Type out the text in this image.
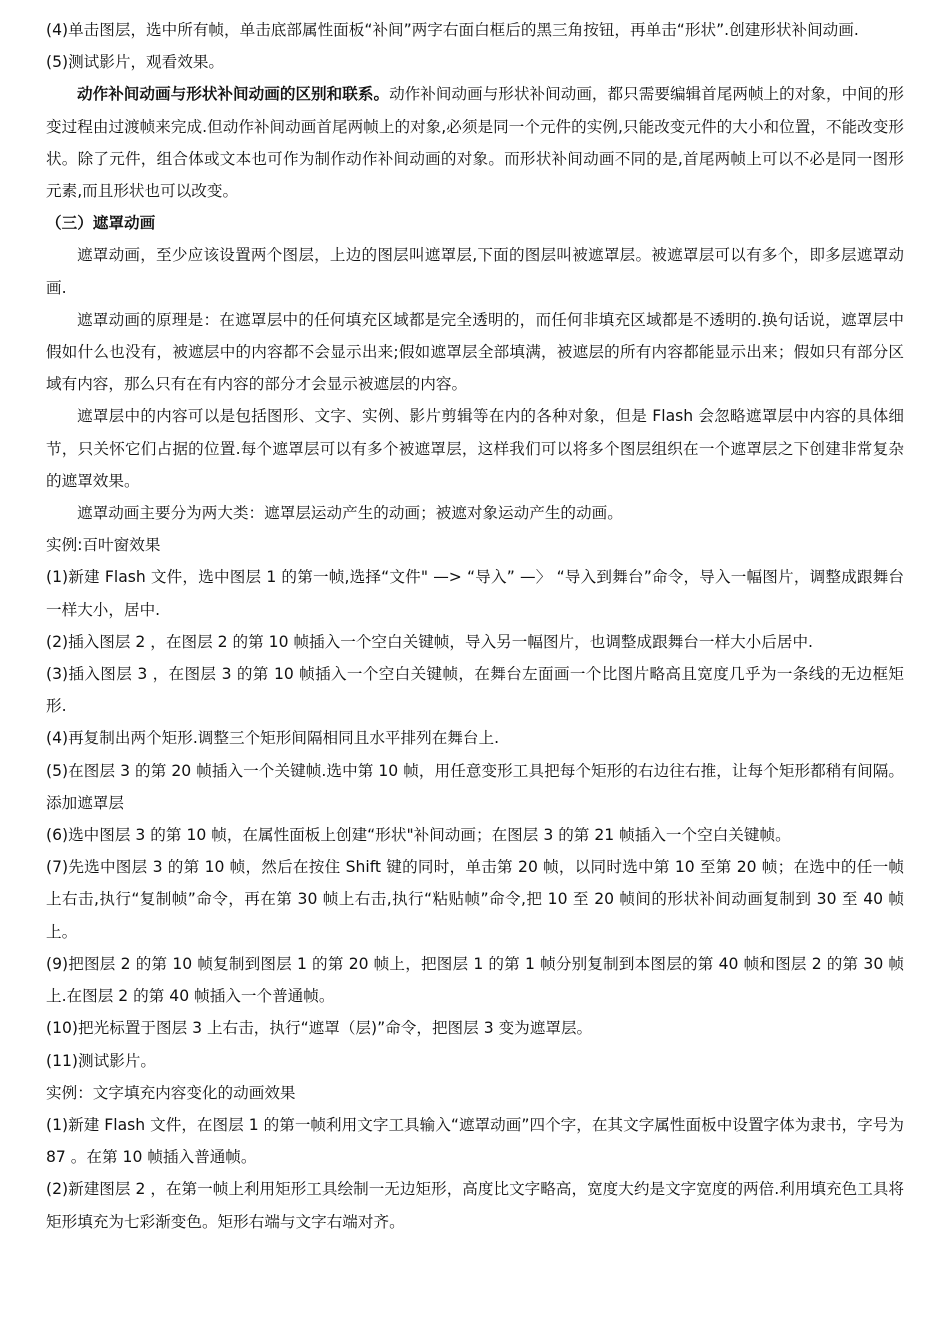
(4)单击图层，选中所有帧，单击底部属性面板“补间”两字右面白框后的黑三角按钮，再单击“形状”.创建形状补间动画.

(5)测试影片，观看效果。

动作补间动画与形状补间动画的区别和联系。动作补间动画与形状补间动画，都只需要编辑首尾两帧上的对象，中间的形变过程由过渡帧来完成.但动作补间动画首尾两帧上的对象,必须是同一个元件的实例,只能改变元件的大小和位置，不能改变形状。除了元件，组合体或文本也可作为制作动作补间动画的对象。而形状补间动画不同的是,首尾两帧上可以不必是同一图形元素,而且形状也可以改变。

（三）遮罩动画

遮罩动画，至少应该设置两个图层，上边的图层叫遮罩层,下面的图层叫被遮罩层。被遮罩层可以有多个，即多层遮罩动画.

遮罩动画的原理是：在遮罩层中的任何填充区域都是完全透明的，而任何非填充区域都是不透明的.换句话说，遮罩层中假如什么也没有，被遮层中的内容都不会显示出来;假如遮罩层全部填满，被遮层的所有内容都能显示出来；假如只有部分区域有内容，那么只有在有内容的部分才会显示被遮层的内容。

遮罩层中的内容可以是包括图形、文字、实例、影片剪辑等在内的各种对象，但是 Flash 会忽略遮罩层中内容的具体细节，只关怀它们占据的位置.每个遮罩层可以有多个被遮罩层，这样我们可以将多个图层组织在一个遮罩层之下创建非常复杂的遮罩效果。

遮罩动画主要分为两大类：遮罩层运动产生的动画；被遮对象运动产生的动画。

实例:百叶窗效果

(1)新建 Flash 文件，选中图层 1 的第一帧,选择“文件" —> “导入” —〉 “导入到舞台”命令，导入一幅图片，调整成跟舞台一样大小，居中.

(2)插入图层 2 ，在图层 2 的第 10 帧插入一个空白关键帧，导入另一幅图片，也调整成跟舞台一样大小后居中.

(3)插入图层 3 ，在图层 3 的第 10 帧插入一个空白关键帧，在舞台左面画一个比图片略高且宽度几乎为一条线的无边框矩形.

(4)再复制出两个矩形.调整三个矩形间隔相同且水平排列在舞台上.

(5)在图层 3 的第 20 帧插入一个关键帧.选中第 10 帧，用任意变形工具把每个矩形的右边往右推，让每个矩形都稍有间隔。添加遮罩层

(6)选中图层 3 的第 10 帧，在属性面板上创建“形状"补间动画；在图层 3 的第 21 帧插入一个空白关键帧。

(7)先选中图层 3 的第 10 帧，然后在按住 Shift 键的同时，单击第 20 帧，以同时选中第 10 至第 20 帧；在选中的任一帧上右击,执行“复制帧”命令，再在第 30 帧上右击,执行“粘贴帧”命令,把 10 至 20 帧间的形状补间动画复制到 30 至 40 帧上。

(9)把图层 2 的第 10 帧复制到图层 1 的第 20 帧上，把图层 1 的第 1 帧分别复制到本图层的第 40 帧和图层 2 的第 30 帧上.在图层 2 的第 40 帧插入一个普通帧。

(10)把光标置于图层 3 上右击，执行“遮罩（层)”命令，把图层 3 变为遮罩层。

(11)测试影片。

实例：文字填充内容变化的动画效果

(1)新建 Flash 文件，在图层 1 的第一帧利用文字工具输入“遮罩动画”四个字，在其文字属性面板中设置字体为隶书，字号为 87 。在第 10 帧插入普通帧。

(2)新建图层 2 ，在第一帧上利用矩形工具绘制一无边矩形，高度比文字略高，宽度大约是文字宽度的两倍.利用填充色工具将矩形填充为七彩渐变色。矩形右端与文字右端对齐。
